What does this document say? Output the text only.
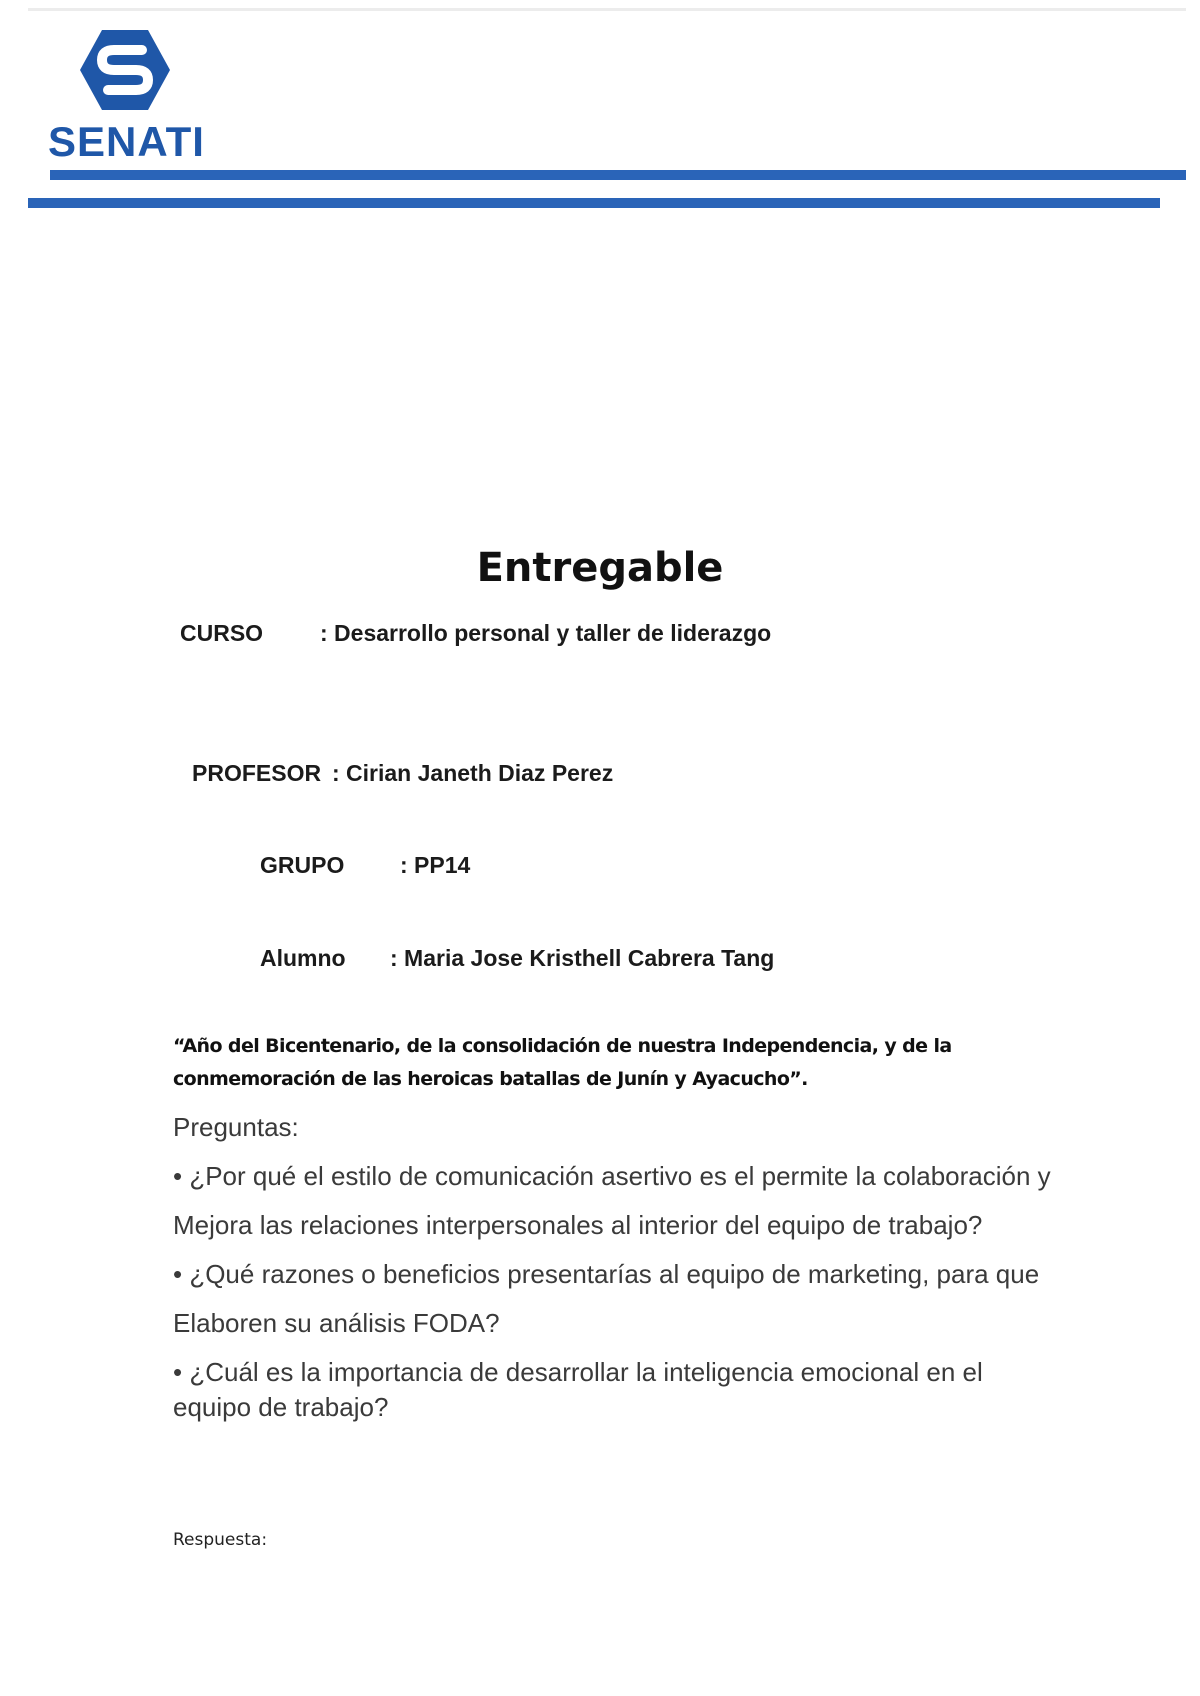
SENATI
Entregable
CURSO : Desarrollo personal y taller de liderazgo
PROFESOR : Cirian Janeth Diaz Perez
GRUPO : PP14
Alumno : Maria Jose Kristhell Cabrera Tang
“Año del Bicentenario, de la consolidación de nuestra Independencia, y de la conmemoración de las heroicas batallas de Junín y Ayacucho”.
Preguntas:
• ¿Por qué el estilo de comunicación asertivo es el permite la colaboración y
Mejora las relaciones interpersonales al interior del equipo de trabajo?
• ¿Qué razones o beneficios presentarías al equipo de marketing, para que
Elaboren su análisis FODA?
• ¿Cuál es la importancia de desarrollar la inteligencia emocional en el equipo de trabajo?
Respuesta:
